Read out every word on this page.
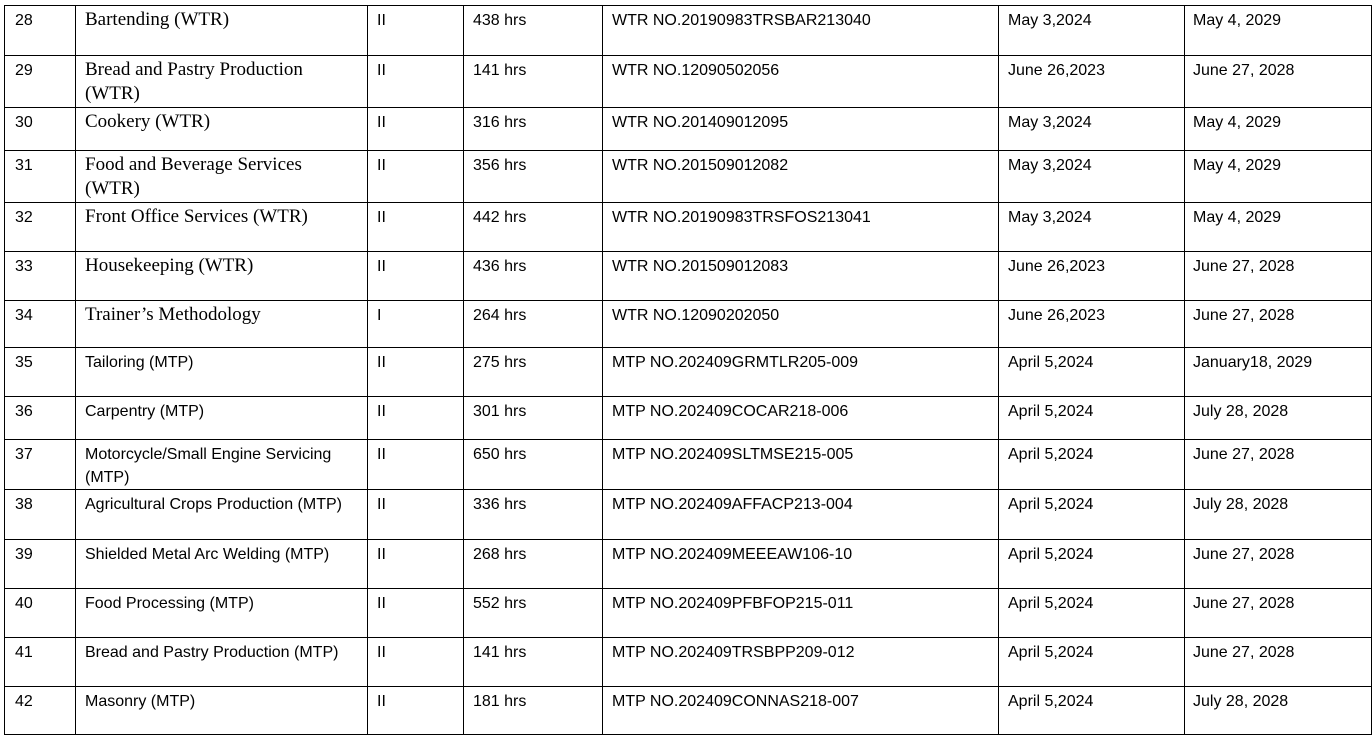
28	Bartending (WTR)	II	438 hrs	WTR NO.20190983TRSBAR213040	May 3,2024	May 4, 2029
29	Bread and Pastry Production (WTR)	II	141 hrs	WTR NO.12090502056	June 26,2023	June 27, 2028
30	Cookery (WTR)	II	316 hrs	WTR NO.201409012095	May 3,2024	May 4, 2029
31	Food and Beverage Services (WTR)	II	356 hrs	WTR NO.201509012082	May 3,2024	May 4, 2029
32	Front Office Services (WTR)	II	442 hrs	WTR NO.20190983TRSFOS213041	May 3,2024	May 4, 2029
33	Housekeeping (WTR)	II	436 hrs	WTR NO.201509012083	June 26,2023	June 27, 2028
34	Trainer’s Methodology	I	264 hrs	WTR NO.12090202050	June 26,2023	June 27, 2028
35	Tailoring (MTP)	II	275 hrs	MTP NO.202409GRMTLR205-009	April 5,2024	January18, 2029
36	Carpentry (MTP)	II	301 hrs	MTP NO.202409COCAR218-006	April 5,2024	July 28, 2028
37	Motorcycle/Small Engine Servicing (MTP)	II	650 hrs	MTP NO.202409SLTMSE215-005	April 5,2024	June 27, 2028
38	Agricultural Crops Production (MTP)	II	336 hrs	MTP NO.202409AFFACP213-004	April 5,2024	July 28, 2028
39	Shielded Metal Arc Welding (MTP)	II	268 hrs	MTP NO.202409MEEEAW106-10	April 5,2024	June 27, 2028
40	Food Processing (MTP)	II	552 hrs	MTP NO.202409PFBFOP215-011	April 5,2024	June 27, 2028
41	Bread and Pastry Production (MTP)	II	141 hrs	MTP NO.202409TRSBPP209-012	April 5,2024	June 27, 2028
42	Masonry (MTP)	II	181 hrs	MTP NO.202409CONNAS218-007	April 5,2024	July 28, 2028
